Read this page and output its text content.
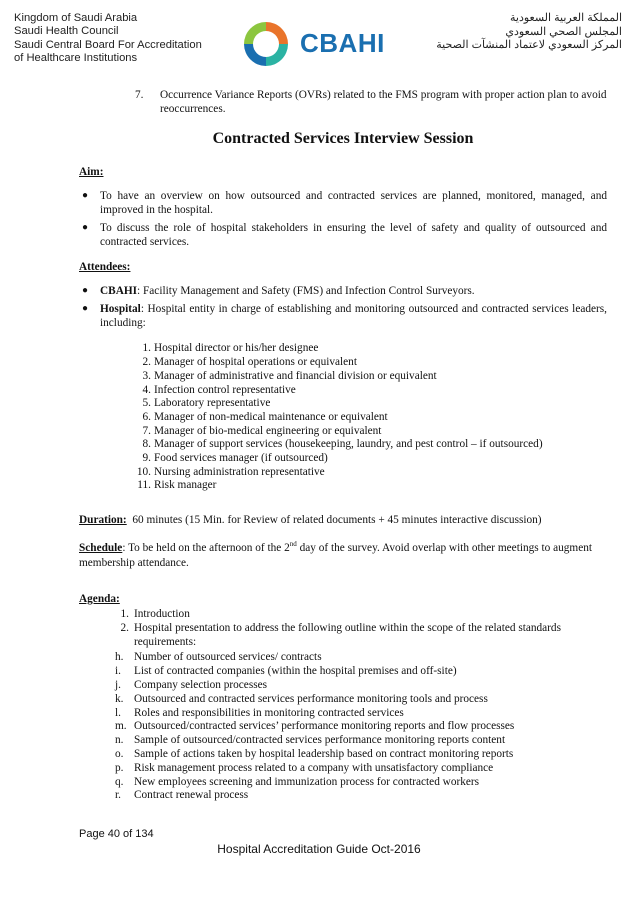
Kingdom of Saudi Arabia
Saudi Health Council
Saudi Central Board For Accreditation
of Healthcare Institutions	CBAHI
المملكة العربية السعودية
المجلس الصحي السعودي
المركز السعودي لاعتماد المنشآت الصحية
7.	Occurrence Variance Reports (OVRs) related to the FMS program with proper action plan to avoid reoccurrences.
Contracted Services Interview Session
Aim:
● To have an overview on how outsourced and contracted services are planned, monitored, managed, and improved in the hospital.
● To discuss the role of hospital stakeholders in ensuring the level of safety and quality of outsourced and contracted services.
Attendees:
● CBAHI: Facility Management and Safety (FMS) and Infection Control Surveyors.
● Hospital: Hospital entity in charge of establishing and monitoring outsourced and contracted services leaders, including:
1. Hospital director or his/her designee
2. Manager of hospital operations or equivalent
3. Manager of administrative and financial division or equivalent
4. Infection control representative
5. Laboratory representative
6. Manager of non-medical maintenance or equivalent
7. Manager of bio-medical engineering or equivalent
8. Manager of support services (housekeeping, laundry, and pest control – if outsourced)
9. Food services manager (if outsourced)
10. Nursing administration representative
11. Risk manager
Duration: 60 minutes (15 Min. for Review of related documents + 45 minutes interactive discussion)
Schedule: To be held on the afternoon of the 2nd day of the survey. Avoid overlap with other meetings to augment membership attendance.
Agenda:
1. Introduction
2. Hospital presentation to address the following outline within the scope of the related standards requirements:
h. Number of outsourced services/ contracts
i.	List of contracted companies (within the hospital premises and off-site)
j.	Company selection processes
k. Outsourced and contracted services performance monitoring tools and process
l.	Roles and responsibilities in monitoring contracted services
m. Outsourced/contracted services’ performance monitoring reports and flow processes
n. Sample of outsourced/contracted services performance monitoring reports content
o. Sample of actions taken by hospital leadership based on contract monitoring reports
p. Risk management process related to a company with unsatisfactory compliance
q. New employees screening and immunization process for contracted workers
r.	Contract renewal process
Page 40 of 134
Hospital Accreditation Guide Oct-2016
